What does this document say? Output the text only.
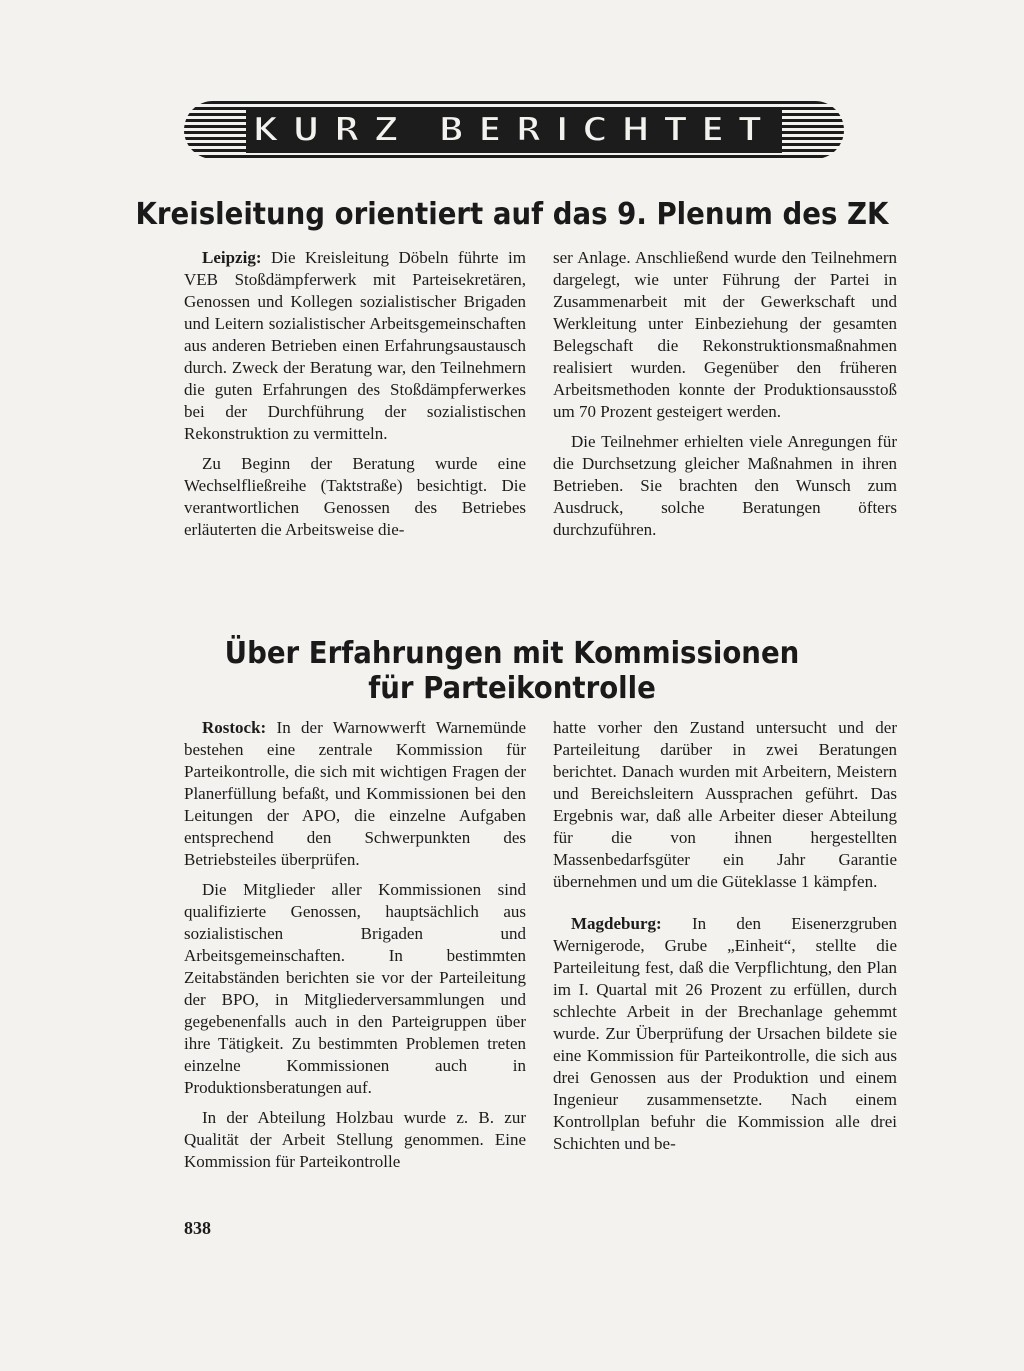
KURZ BERICHTET
Kreisleitung orientiert auf das 9. Plenum des ZK

Leipzig: Die Kreisleitung Döbeln führte im VEB Stoßdämpferwerk mit Parteisekretären, Genossen und Kollegen sozialistischer Brigaden und Leitern sozialistischer Arbeitsgemeinschaften aus anderen Betrieben einen Erfahrungsaustausch durch. Zweck der Beratung war, den Teilnehmern die guten Erfahrungen des Stoßdämpferwerkes bei der Durchführung der sozialistischen Rekonstruktion zu vermitteln.

Zu Beginn der Beratung wurde eine Wechselfließreihe (Taktstraße) besichtigt. Die verantwortlichen Genossen des Betriebes erläuterten die Arbeitsweise die-

ser Anlage. Anschließend wurde den Teilnehmern dargelegt, wie unter Führung der Partei in Zusammenarbeit mit der Gewerkschaft und Werkleitung unter Einbeziehung der gesamten Belegschaft die Rekonstruktionsmaßnahmen realisiert wurden. Gegenüber den früheren Arbeitsmethoden konnte der Produktionsausstoß um 70 Prozent gesteigert werden.

Die Teilnehmer erhielten viele Anregungen für die Durchsetzung gleicher Maßnahmen in ihren Betrieben. Sie brachten den Wunsch zum Ausdruck, solche Beratungen öfters durchzuführen.

Über Erfahrungen mit Kommissionen
für Parteikontrolle

Rostock: In der Warnowwerft Warnemünde bestehen eine zentrale Kommission für Parteikontrolle, die sich mit wichtigen Fragen der Planerfüllung befaßt, und Kommissionen bei den Leitungen der APO, die einzelne Aufgaben entsprechend den Schwerpunkten des Betriebsteiles überprüfen.

Die Mitglieder aller Kommissionen sind qualifizierte Genossen, hauptsächlich aus sozialistischen Brigaden und Arbeitsgemeinschaften. In bestimmten Zeitabständen berichten sie vor der Parteileitung der BPO, in Mitgliederversammlungen und gegebenenfalls auch in den Parteigruppen über ihre Tätigkeit. Zu bestimmten Problemen treten einzelne Kommissionen auch in Produktionsberatungen auf.

In der Abteilung Holzbau wurde z. B. zur Qualität der Arbeit Stellung genommen. Eine Kommission für Parteikontrolle

hatte vorher den Zustand untersucht und der Parteileitung darüber in zwei Beratungen berichtet. Danach wurden mit Arbeitern, Meistern und Bereichsleitern Aussprachen geführt. Das Ergebnis war, daß alle Arbeiter dieser Abteilung für die von ihnen hergestellten Massenbedarfsgüter ein Jahr Garantie übernehmen und um die Güteklasse 1 kämpfen.

Magdeburg: In den Eisenerzgruben Wernigerode, Grube „Einheit“, stellte die Parteileitung fest, daß die Verpflichtung, den Plan im I. Quartal mit 26 Prozent zu erfüllen, durch schlechte Arbeit in der Brechanlage gehemmt wurde. Zur Überprüfung der Ursachen bildete sie eine Kommission für Parteikontrolle, die sich aus drei Genossen aus der Produktion und einem Ingenieur zusammensetzte. Nach einem Kontrollplan befuhr die Kommission alle drei Schichten und be-

838
